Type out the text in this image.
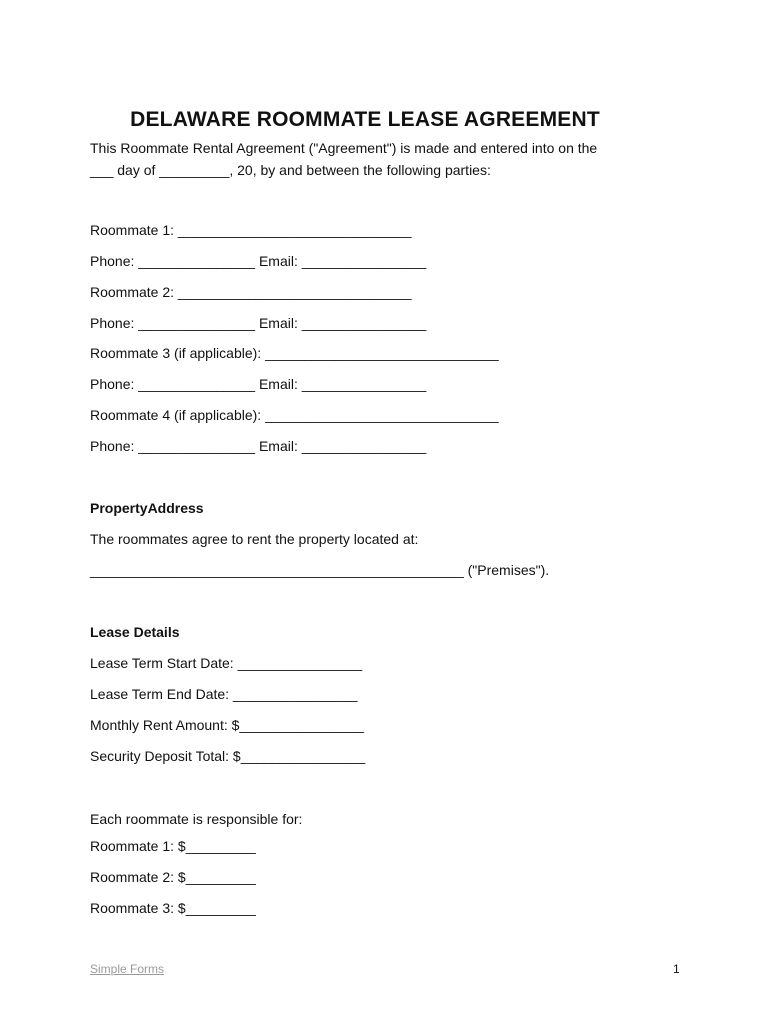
DELAWARE ROOMMATE LEASE AGREEMENT
This Roommate Rental Agreement ("Agreement") is made and entered into on the
___ day of _________, 20, by and between the following parties:
Roommate 1: ______________________________
Phone: _______________ Email: ________________
Roommate 2: ______________________________
Phone: _______________ Email: ________________
Roommate 3 (if applicable): ______________________________
Phone: _______________ Email: ________________
Roommate 4 (if applicable): ______________________________
Phone: _______________ Email: ________________
PropertyAddress
The roommates agree to rent the property located at:
________________________________________________ ("Premises").
Lease Details
Lease Term Start Date: ________________
Lease Term End Date: ________________
Monthly Rent Amount: $________________
Security Deposit Total: $________________
Each roommate is responsible for:
Roommate 1: $_________
Roommate 2: $_________
Roommate 3: $_________
Simple Forms	1
